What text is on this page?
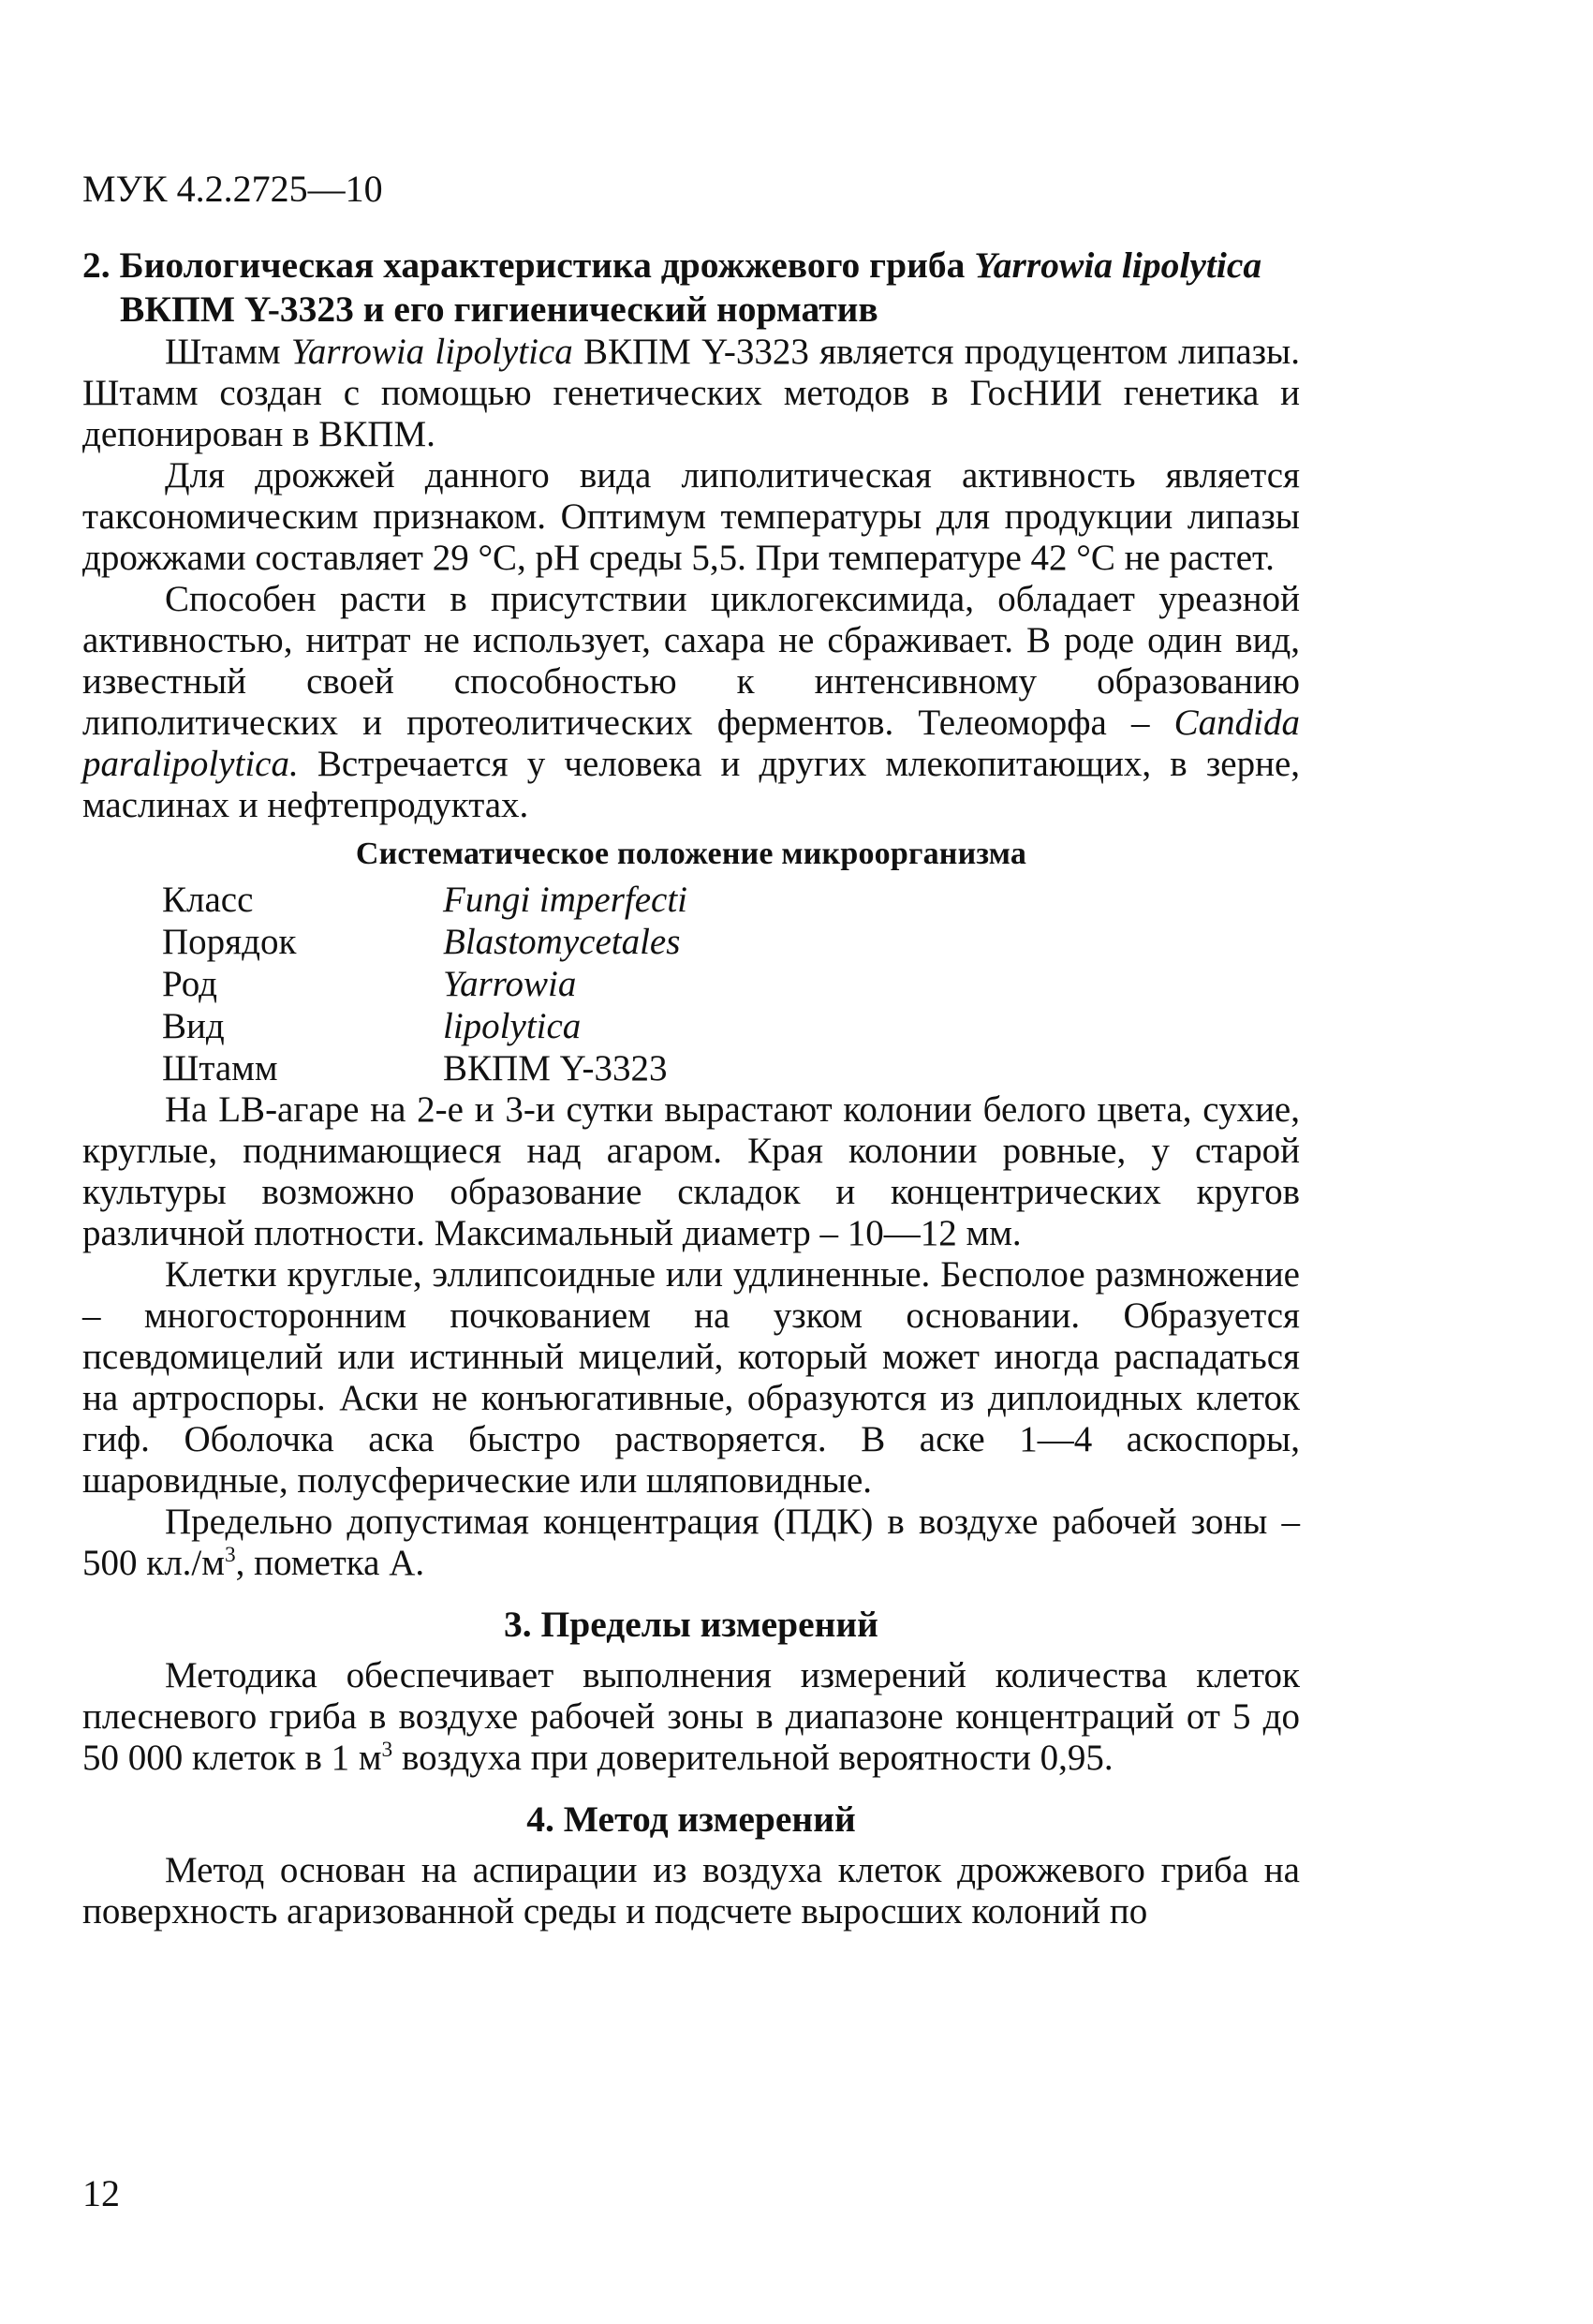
МУК 4.2.2725—10
2. Биологическая характеристика дрожжевого гриба Yarrowia lipolytica ВКПМ Y-3323 и его гигиенический норматив

Штамм Yarrowia lipolytica ВКПМ Y-3323 является продуцентом липазы. Штамм создан с помощью генетических методов в ГосНИИ генетика и депонирован в ВКПМ.

Для дрожжей данного вида липолитическая активность является таксономическим признаком. Оптимум температуры для продукции липазы дрожжами составляет 29 °C, pH среды 5,5. При температуре 42 °C не растет.

Способен расти в присутствии циклогексимида, обладает уреазной активностью, нитрат не использует, сахара не сбраживает. В роде один вид, известный своей способностью к интенсивному образованию липолитических и протеолитических ферментов. Телеоморфа – Candida paralipolytica. Встречается у человека и других млекопитающих, в зерне, маслинах и нефтепродуктах.

Систематическое положение микроорганизма
Класс	Fungi imperfecti
Порядок	Blastomycetales
Род	Yarrowia
Вид	lipolytica
Штамм	ВКПМ Y-3323

На LB-агаре на 2-е и 3-и сутки вырастают колонии белого цвета, сухие, круглые, поднимающиеся над агаром. Края колонии ровные, у старой культуры возможно образование складок и концентрических кругов различной плотности. Максимальный диаметр – 10—12 мм.

Клетки круглые, эллипсоидные или удлиненные. Бесполое размножение – многосторонним почкованием на узком основании. Образуется псевдомицелий или истинный мицелий, который может иногда распадаться на артроспоры. Аски не конъюгативные, образуются из диплоидных клеток гиф. Оболочка аска быстро растворяется. В аске 1—4 аскоспоры, шаровидные, полусферические или шляповидные.

Предельно допустимая концентрация (ПДК) в воздухе рабочей зоны – 500 $кл./м^3$, пометка А.

3. Пределы измерений

Методика обеспечивает выполнения измерений количества клеток плесневого гриба в воздухе рабочей зоны в диапазоне концентраций от 5 до 50 000 клеток в 1 $м^3$ воздуха при доверительной вероятности 0,95.

4. Метод измерений

Метод основан на аспирации из воздуха клеток дрожжевого гриба на поверхность агаризованной среды и подсчете выросших колоний по

12
